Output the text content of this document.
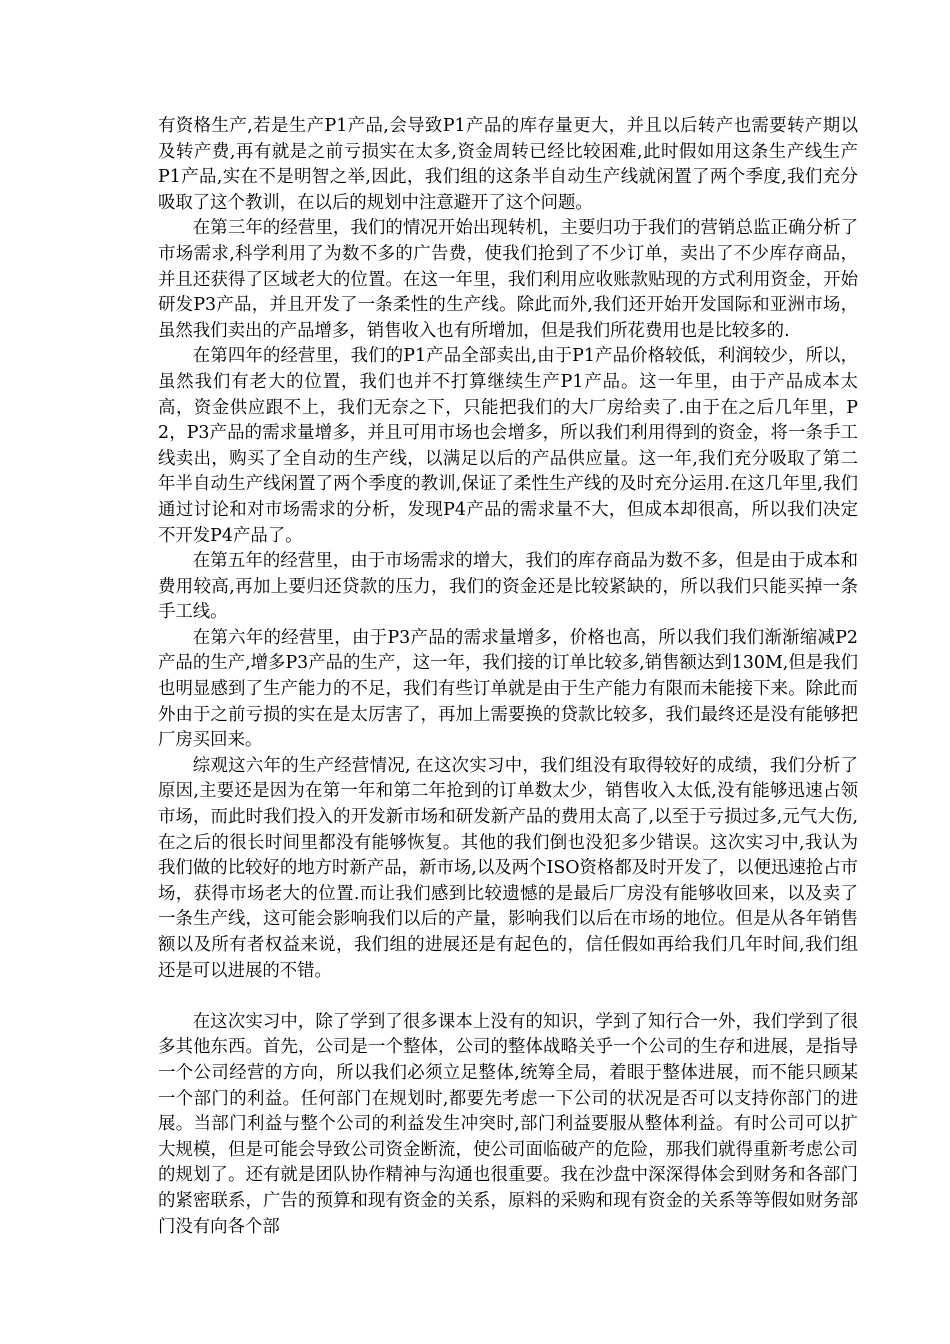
有资格生产,若是生产P1产品,会导致P1产品的库存量更大，并且以后转产也需要转产期以及转产费,再有就是之前亏损实在太多,资金周转已经比较困难,此时假如用这条生产线生产P1产品,实在不是明智之举,因此，我们组的这条半自动生产线就闲置了两个季度,我们充分吸取了这个教训，在以后的规划中注意避开了这个问题。

在第三年的经营里，我们的情况开始出现转机，主要归功于我们的营销总监正确分析了市场需求,科学利用了为数不多的广告费，使我们抢到了不少订单，卖出了不少库存商品，并且还获得了区域老大的位置。在这一年里，我们利用应收账款贴现的方式利用资金，开始研发P3产品，并且开发了一条柔性的生产线。除此而外,我们还开始开发国际和亚洲市场，虽然我们卖出的产品增多，销售收入也有所增加，但是我们所花费用也是比较多的.

在第四年的经营里，我们的P1产品全部卖出,由于P1产品价格较低，利润较少，所以，虽然我们有老大的位置，我们也并不打算继续生产P1产品。这一年里，由于产品成本太高，资金供应跟不上，我们无奈之下，只能把我们的大厂房给卖了.由于在之后几年里，P 2，P3产品的需求量增多，并且可用市场也会增多，所以我们利用得到的资金，将一条手工线卖出，购买了全自动的生产线，以满足以后的产品供应量。这一年,我们充分吸取了第二年半自动生产线闲置了两个季度的教训,保证了柔性生产线的及时充分运用.在这几年里,我们通过讨论和对市场需求的分析，发现P4产品的需求量不大，但成本却很高，所以我们决定不开发P4产品了。

在第五年的经营里，由于市场需求的增大，我们的库存商品为数不多，但是由于成本和费用较高,再加上要归还贷款的压力，我们的资金还是比较紧缺的，所以我们只能买掉一条手工线。

在第六年的经营里，由于P3产品的需求量增多，价格也高，所以我们我们渐渐缩减P2产品的生产,增多P3产品的生产，这一年，我们接的订单比较多,销售额达到130M,但是我们也明显感到了生产能力的不足，我们有些订单就是由于生产能力有限而未能接下来。除此而外由于之前亏损的实在是太厉害了，再加上需要换的贷款比较多，我们最终还是没有能够把厂房买回来。

综观这六年的生产经营情况, 在这次实习中，我们组没有取得较好的成绩，我们分析了原因,主要还是因为在第一年和第二年抢到的订单数太少，销售收入太低,没有能够迅速占领市场，而此时我们投入的开发新市场和研发新产品的费用太高了,以至于亏损过多,元气大伤,在之后的很长时间里都没有能够恢复。其他的我们倒也没犯多少错误。这次实习中,我认为我们做的比较好的地方时新产品，新市场,以及两个ISO资格都及时开发了，以便迅速抢占市场，获得市场老大的位置.而让我们感到比较遗憾的是最后厂房没有能够收回来，以及卖了一条生产线，这可能会影响我们以后的产量，影响我们以后在市场的地位。但是从各年销售额以及所有者权益来说，我们组的进展还是有起色的，信任假如再给我们几年时间,我们组还是可以进展的不错。

在这次实习中，除了学到了很多课本上没有的知识，学到了知行合一外，我们学到了很多其他东西。首先，公司是一个整体，公司的整体战略关乎一个公司的生存和进展，是指导一个公司经营的方向，所以我们必须立足整体,统筹全局，着眼于整体进展，而不能只顾某一个部门的利益。任何部门在规划时,都要先考虑一下公司的状况是否可以支持你部门的进展。当部门利益与整个公司的利益发生冲突时,部门利益要服从整体利益。有时公司可以扩大规模，但是可能会导致公司资金断流，使公司面临破产的危险，那我们就得重新考虑公司的规划了。还有就是团队协作精神与沟通也很重要。我在沙盘中深深得体会到财务和各部门的紧密联系，广告的预算和现有资金的关系，原料的采购和现有资金的关系等等假如财务部门没有向各个部
